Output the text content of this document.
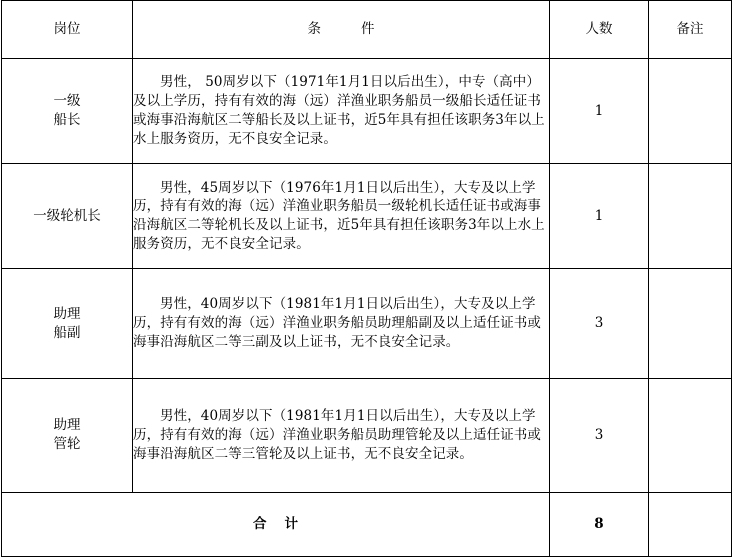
岗位	条件	人数	备注

一级
船长	男性， 50周岁以下（1971年1月1日以后出生），中专（高中）及以上学历，持有有效的海（远）洋渔业职务船员一级船长适任证书或海事沿海航区二等船长及以上证书，近5年具有担任该职务3年以上水上服务资历，无不良安全记录。	1	

一级轮机长	男性，45周岁以下（1976年1月1日以后出生），大专及以上学历，持有有效的海（远）洋渔业职务船员一级轮机长适任证书或海事沿海航区二等轮机长及以上证书，近5年具有担任该职务3年以上水上服务资历，无不良安全记录。	1	

助理
船副	男性，40周岁以下（1981年1月1日以后出生），大专及以上学历，持有有效的海（远）洋渔业职务船员助理船副及以上适任证书或海事沿海航区二等三副及以上证书，无不良安全记录。	3	

助理
管轮	男性，40周岁以下（1981年1月1日以后出生），大专及以上学历，持有有效的海（远）洋渔业职务船员助理管轮及以上适任证书或海事沿海航区二等三管轮及以上证书，无不良安全记录。	3	
合计		8	
